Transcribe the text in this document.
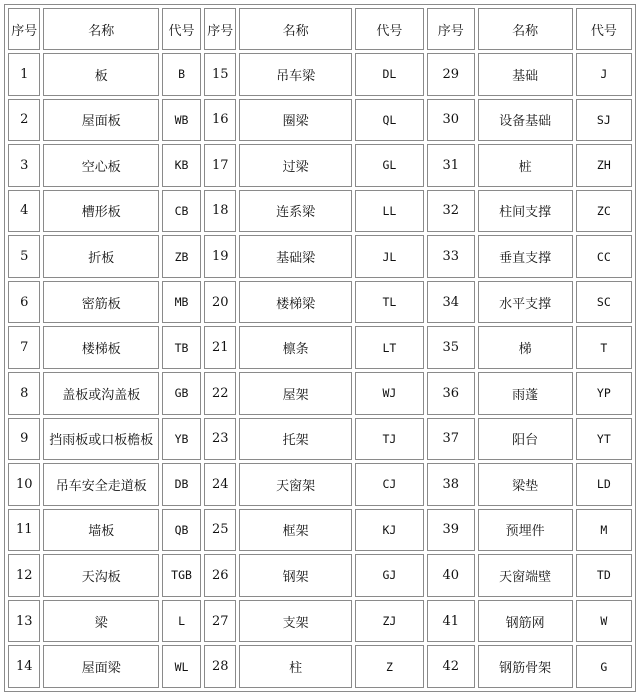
序号	名称	代号	序号	名称	代号	序号	名称	代号
1	板	B	15	吊车梁	DL	29	基础	J
2	屋面板	WB	16	圈梁	QL	30	设备基础	SJ
3	空心板	KB	17	过梁	GL	31	桩	ZH
4	槽形板	CB	18	连系梁	LL	32	柱间支撑	ZC
5	折板	ZB	19	基础梁	JL	33	垂直支撑	CC
6	密筋板	MB	20	楼梯梁	TL	34	水平支撑	SC
7	楼梯板	TB	21	檩条	LT	35	梯	T
8	盖板或沟盖板	GB	22	屋架	WJ	36	雨蓬	YP
9	挡雨板或口板檐板	YB	23	托架	TJ	37	阳台	YT
10	吊车安全走道板	DB	24	天窗架	CJ	38	梁垫	LD
11	墙板	QB	25	框架	KJ	39	预埋件	M
12	天沟板	TGB	26	钢架	GJ	40	天窗端壁	TD
13	梁	L	27	支架	ZJ	41	钢筋网	W
14	屋面梁	WL	28	柱	Z	42	钢筋骨架	G
